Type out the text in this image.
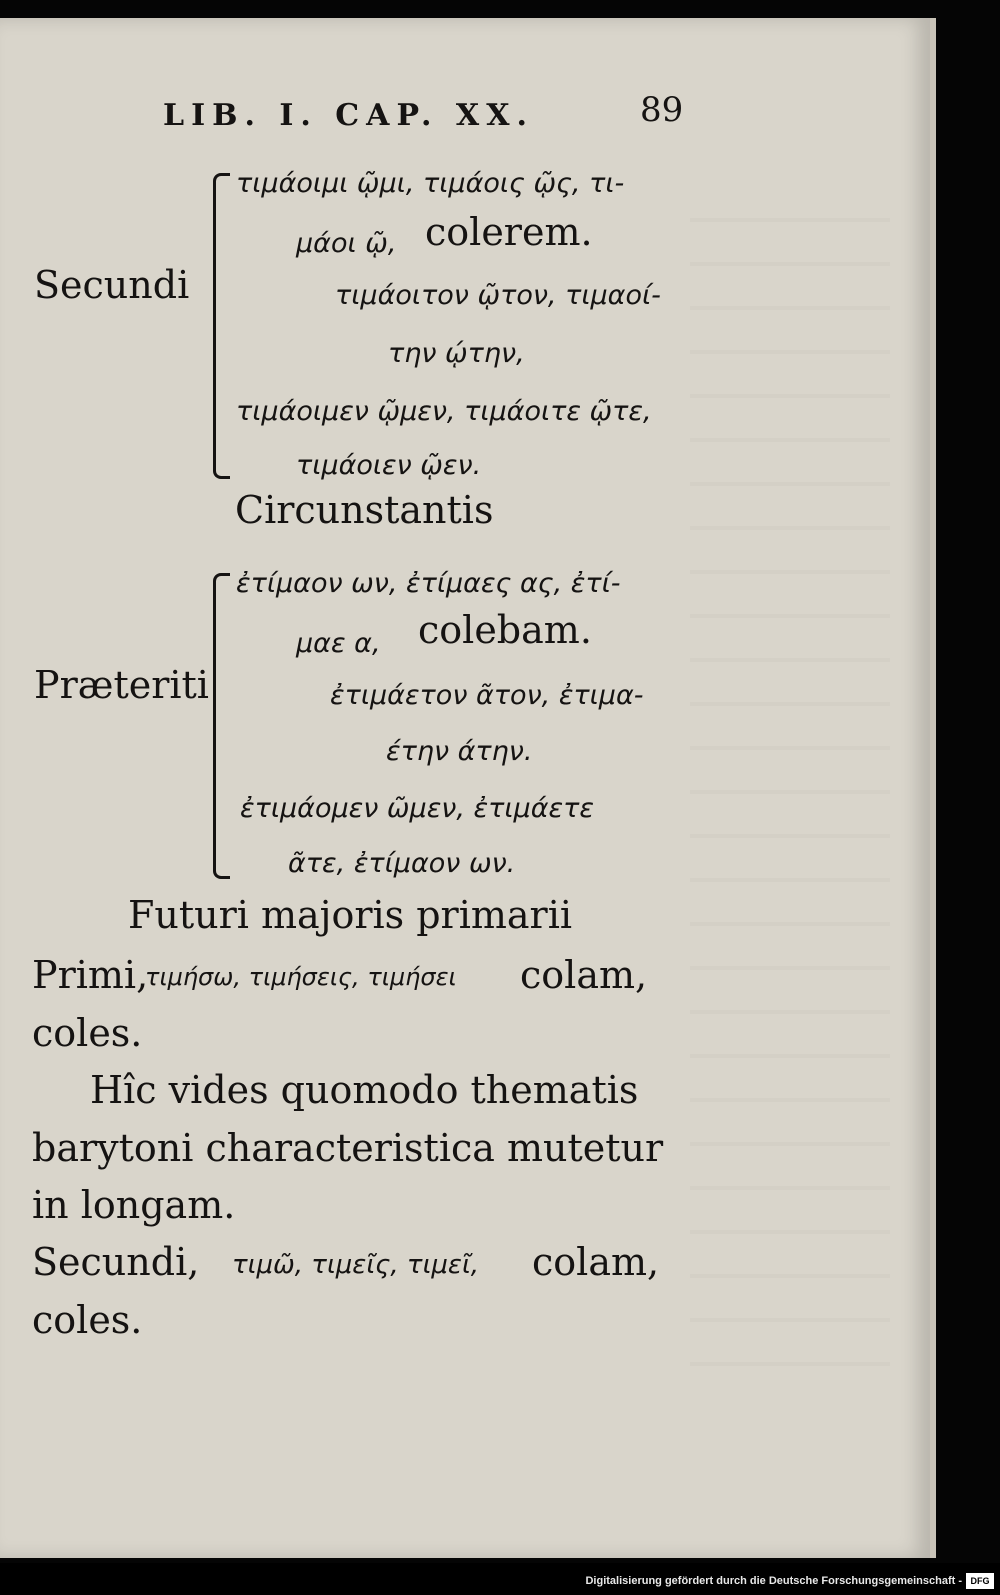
LIB. I. CAP. XX.	89
Secundi
τιμάοιμι ῷμι, τιμάοις ῷς, τι-
μάοι ῷ, colerem.
τιμάοιτον ῷτον, τιμαοί-
την ῴτην,
τιμάοιμεν ῷμεν, τιμάοιτε ῷτε,
τιμάοιεν ῷεν.
Circunstantis
Præteriti
ἐτίμαον ων, ἐτίμαες ας, ἐτί-
μαε α, colebam.
ἐτιμάετον ᾶτον, ἐτιμα-
έτην άτην.
ἐτιμάομεν ῶμεν, ἐτιμάετε
ᾶτε, ἐτίμαον ων.
Futuri majoris primarii
Primi,
τιμήσω, τιμήσεις, τιμήσει colam,
coles.
Hîc vides quomodo thematis
barytoni characteristica mutetur
in longam.
Secundi, τιμῶ, τιμεῖς, τιμεῖ, colam,
coles.
Digitalisierung gefördert durch die Deutsche Forschungsgemeinschaft - DFG
